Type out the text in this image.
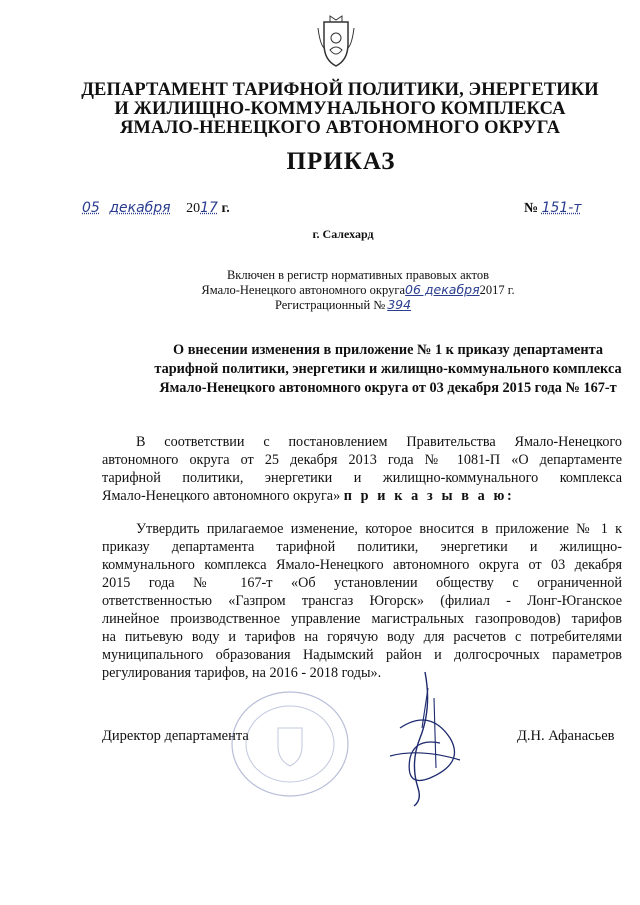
ДЕПАРТАМЕНТ ТАРИФНОЙ ПОЛИТИКИ, ЭНЕРГЕТИКИ
И ЖИЛИЩНО-КОММУНАЛЬНОГО КОМПЛЕКСА
ЯМАЛО-НЕНЕЦКОГО АВТОНОМНОГО ОКРУГА
ПРИКАЗ
05 декабря 2017 г.	№ 151-т
г. Салехард
Включен в регистр нормативных правовых актов
Ямало-Ненецкого автономного округа06 декабря2017 г.
Регистрационный № 394
О внесении изменения в приложение № 1 к приказу департамента
тарифной политики, энергетики и жилищно-коммунального комплекса
Ямало-Ненецкого автономного округа от 03 декабря 2015 года № 167-т
В соответствии с постановлением Правительства Ямало-Ненецкого
автономного округа от 25 декабря 2013 года № 1081-П «О департаменте
тарифной политики, энергетики и жилищно-коммунального комплекса
Ямало-Ненецкого автономного округа» п р и к а з ы в а ю:
Утвердить прилагаемое изменение, которое вносится в приложение № 1 к
приказу департамента тарифной политики, энергетики и жилищно-
коммунального комплекса Ямало-Ненецкого автономного округа от 03 декабря
2015 года № 167-т «Об установлении обществу с ограниченной
ответственностью «Газпром трансгаз Югорск» (филиал - Лонг-Юганское
линейное производственное управление магистральных газопроводов) тарифов
на питьевую воду и тарифов на горячую воду для расчетов с потребителями
муниципального образования Надымский район и долгосрочных параметров
регулирования тарифов, на 2016 - 2018 годы».
Директор департамента	Д.Н. Афанасьев
